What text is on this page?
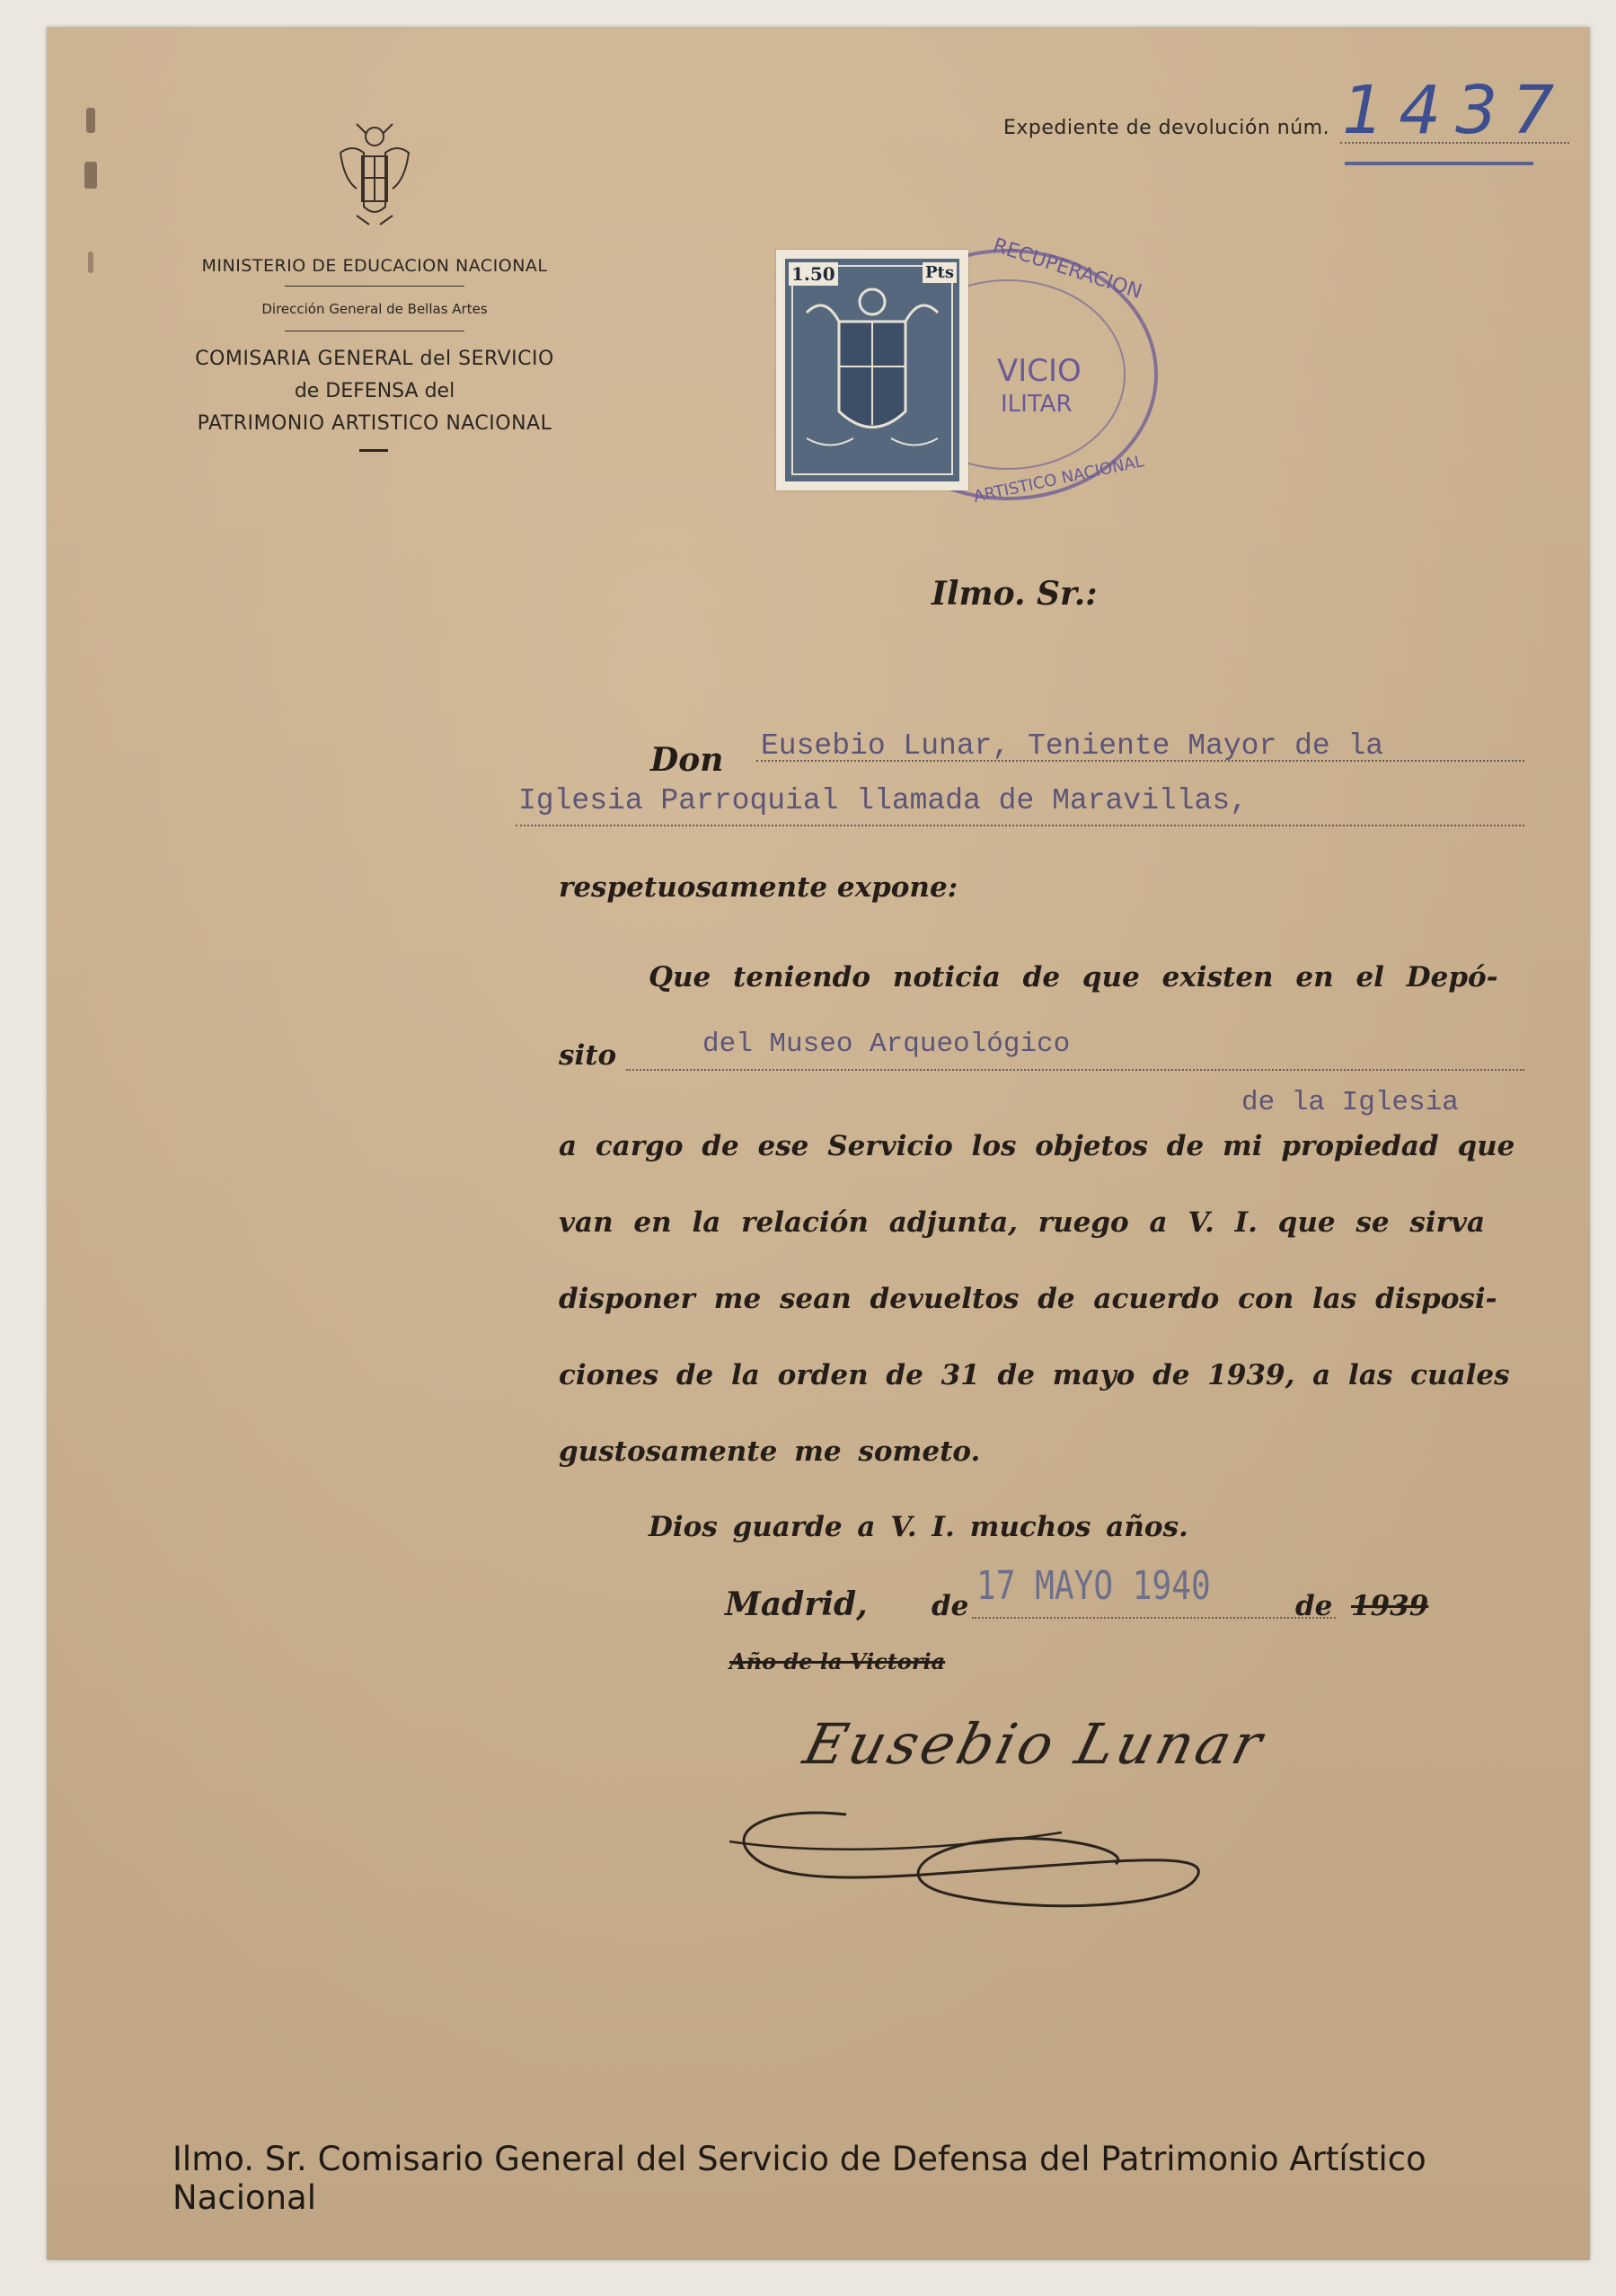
MINISTERIO DE EDUCACION NACIONAL
Dirección General de Bellas Artes
COMISARIA GENERAL del SERVICIO
de DEFENSA del
PATRIMONIO ARTISTICO NACIONAL
Expediente de devolución núm. 1437
RECUPERACION
VICIO
ILITAR
ARTISTICO NACIONAL
1.50	Pts
Ilmo. Sr.:
Don Eusebio Lunar, Teniente Mayor de la
Iglesia Parroquial llamada de Maravillas,
respetuosamente expone:
Que teniendo noticia de que existen en el Depó-
sito	del Museo Arqueológico
de la Iglesia
a cargo de ese Servicio los objetos de mi propiedad que
van en la relación adjunta, ruego a V. I. que se sirva
disponer me sean devueltos de acuerdo con las disposi-
ciones de la orden de 31 de mayo de 1939, a las cuales
gustosamente me someto.
Dios guarde a V. I. muchos años.
Madrid, de 17 MAYO 1940	de 1939
Año de la Victoria
Eusebio Lunar
Ilmo. Sr. Comisario General del Servicio de Defensa del Patrimonio Artístico Nacional
